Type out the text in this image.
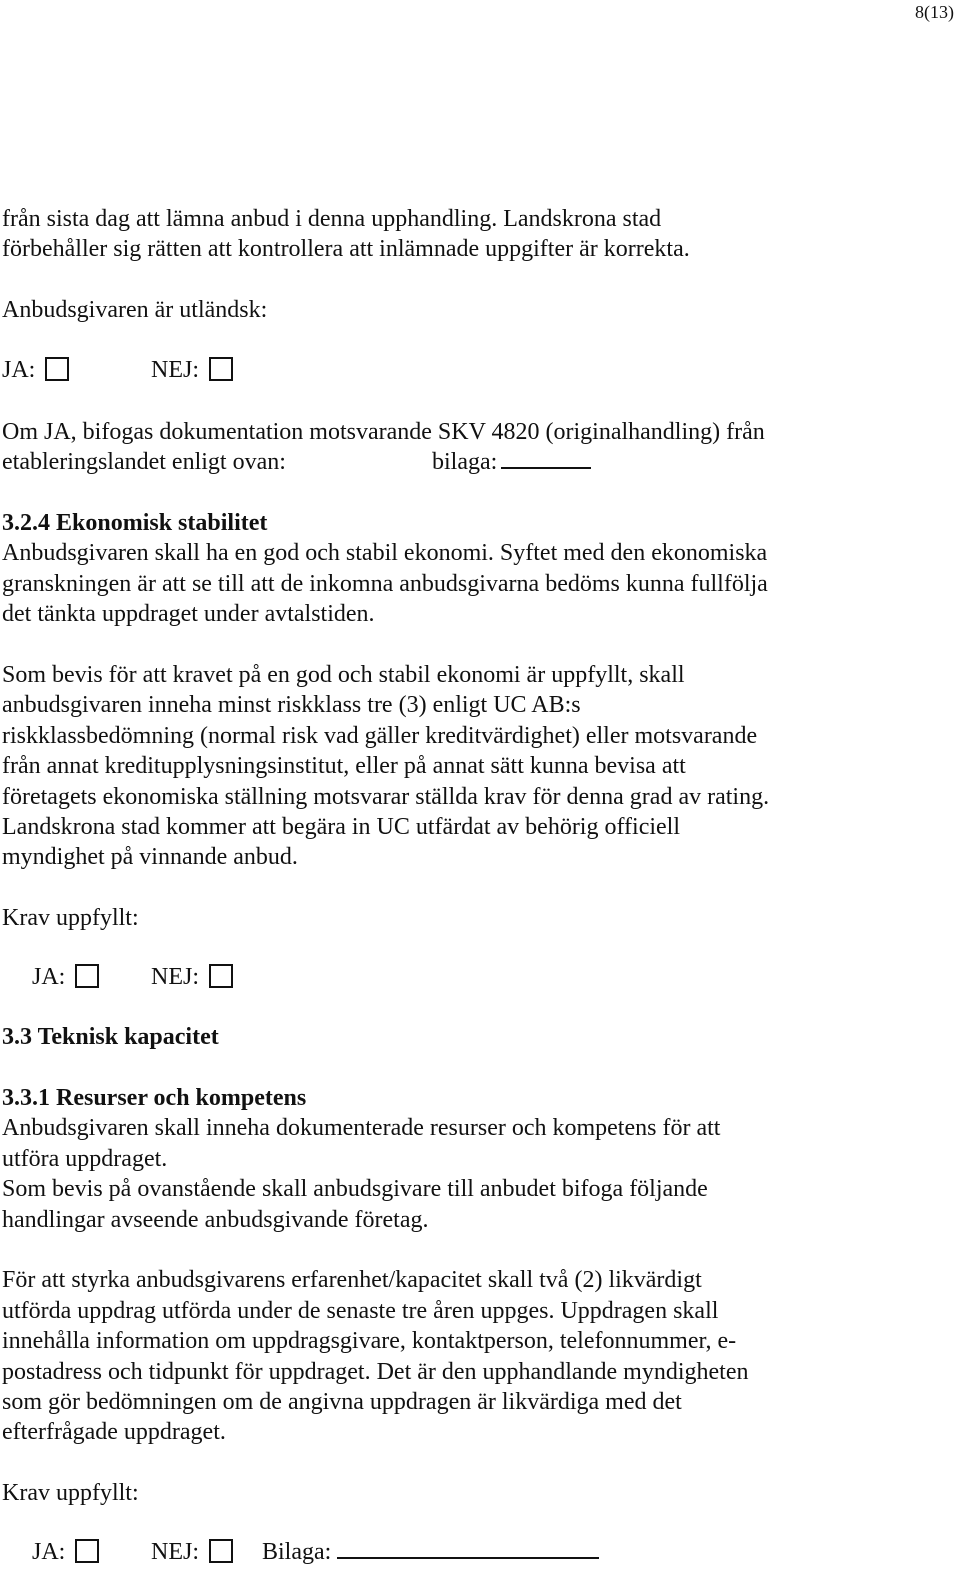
8(13)
från sista dag att lämna anbud i denna upphandling. Landskrona stad
förbehåller sig rätten att kontrollera att inlämnade uppgifter är korrekta.
Anbudsgivaren är utländsk:
JA:	NEJ:
Om JA, bifogas dokumentation motsvarande SKV 4820 (originalhandling) från
etableringslandet enligt ovan:	bilaga:
3.2.4 Ekonomisk stabilitet
Anbudsgivaren skall ha en god och stabil ekonomi. Syftet med den ekonomiska
granskningen är att se till att de inkomna anbudsgivarna bedöms kunna fullfölja
det tänkta uppdraget under avtalstiden.
Som bevis för att kravet på en god och stabil ekonomi är uppfyllt, skall
anbudsgivaren inneha minst riskklass tre (3) enligt UC AB:s
riskklassbedömning (normal risk vad gäller kreditvärdighet) eller motsvarande
från annat kreditupplysningsinstitut, eller på annat sätt kunna bevisa att
företagets ekonomiska ställning motsvarar ställda krav för denna grad av rating.
Landskrona stad kommer att begära in UC utfärdat av behörig officiell
myndighet på vinnande anbud.
Krav uppfyllt:
JA:	NEJ:
3.3 Teknisk kapacitet
3.3.1 Resurser och kompetens
Anbudsgivaren skall inneha dokumenterade resurser och kompetens för att
utföra uppdraget.
Som bevis på ovanstående skall anbudsgivare till anbudet bifoga följande
handlingar avseende anbudsgivande företag.
För att styrka anbudsgivarens erfarenhet/kapacitet skall två (2) likvärdigt
utförda uppdrag utförda under de senaste tre åren uppges. Uppdragen skall
innehålla information om uppdragsgivare, kontaktperson, telefonnummer, e-
postadress och tidpunkt för uppdraget. Det är den upphandlande myndigheten
som gör bedömningen om de angivna uppdragen är likvärdiga med det
efterfrågade uppdraget.
Krav uppfyllt:
JA:	NEJ:	Bilaga:
